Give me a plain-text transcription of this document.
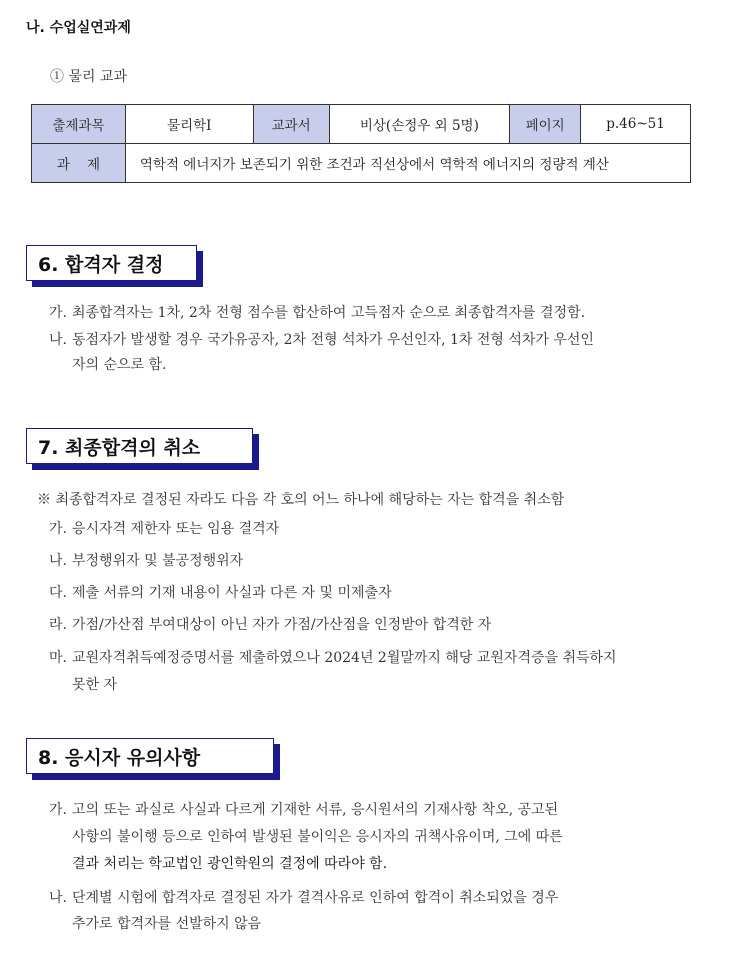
나. 수업실연과제
① 물리 교과
출제과목	물리학Ⅰ	교과서	비상(손정우 외 5명)	페이지	p.46~51
과    제	역학적 에너지가 보존되기 위한 조건과 직선상에서 역학적 에너지의 정량적 계산				
6. 합격자 결정
가. 최종합격자는 1차, 2차 전형 점수를 합산하여 고득점자 순으로 최종합격자를 결정함.
나. 동점자가 발생할 경우 국가유공자, 2차 전형 석차가 우선인자, 1차 전형 석차가 우선인
자의 순으로 함.
7. 최종합격의 취소
※ 최종합격자로 결정된 자라도 다음 각 호의 어느 하나에 해당하는 자는 합격을 취소함
가. 응시자격 제한자 또는 임용 결격자
나. 부정행위자 및 불공정행위자
다. 제출 서류의 기재 내용이 사실과 다른 자 및 미제출자
라. 가점/가산점 부여대상이 아닌 자가 가점/가산점을 인정받아 합격한 자
마. 교원자격취득예정증명서를 제출하였으나 2024년 2월말까지 해당 교원자격증을 취득하지
못한 자
8. 응시자 유의사항
가. 고의 또는 과실로 사실과 다르게 기재한 서류, 응시원서의 기재사항 착오, 공고된
사항의 불이행 등으로 인하여 발생된 불이익은 응시자의 귀책사유이며, 그에 따른
결과 처리는 학교법인 광인학원의 결정에 따라야 함.
나. 단계별 시험에 합격자로 결정된 자가 결격사유로 인하여 합격이 취소되었을 경우
추가로 합격자를 선발하지 않음
